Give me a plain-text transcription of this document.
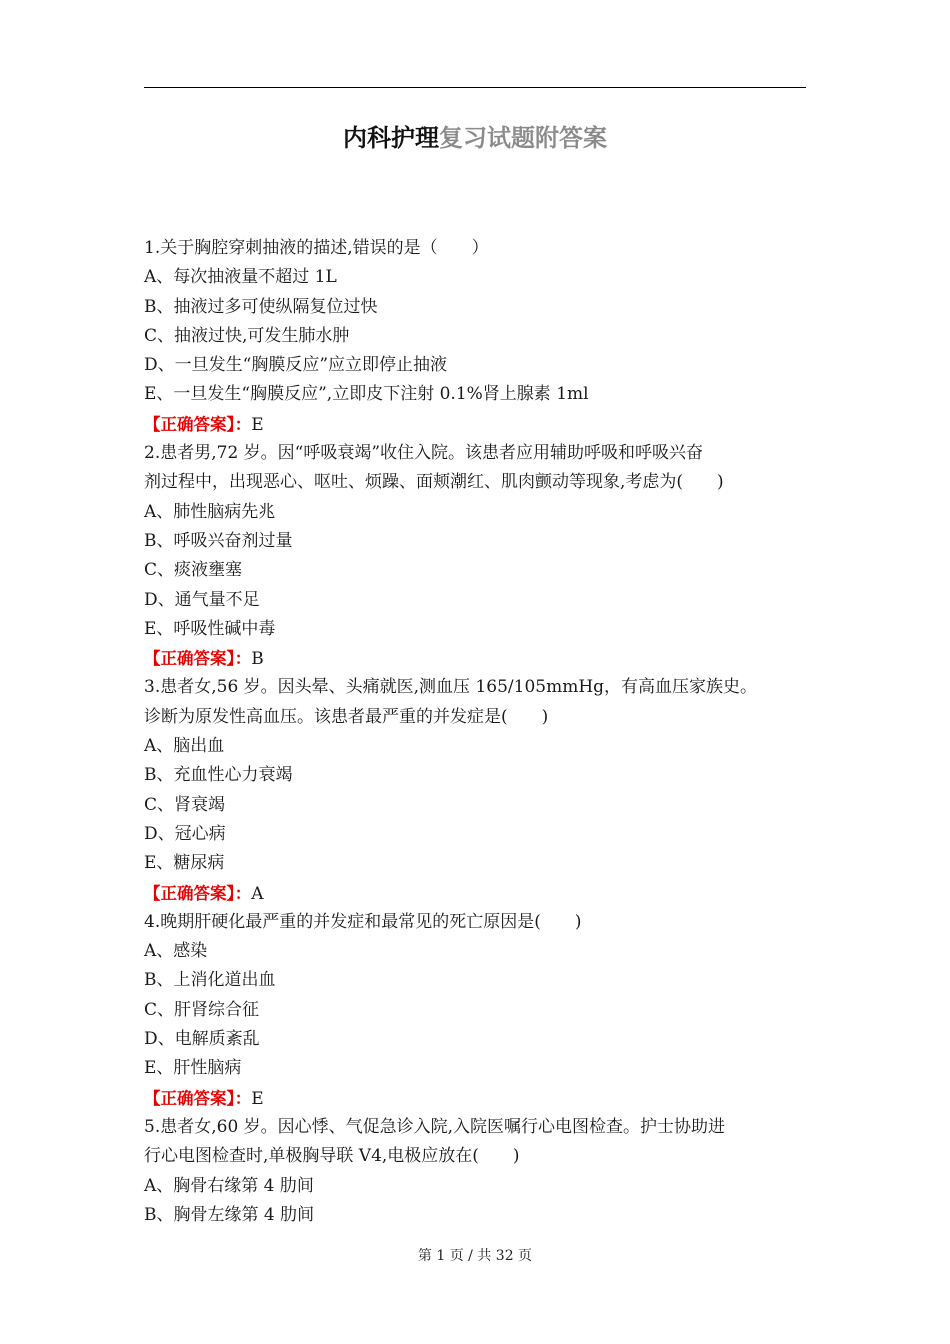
内科护理复习试题附答案
1.关于胸腔穿刺抽液的描述,错误的是（　　）
A、每次抽液量不超过 1L
B、抽液过多可使纵隔复位过快
C、抽液过快,可发生肺水肿
D、一旦发生“胸膜反应”应立即停止抽液
E、一旦发生“胸膜反应”,立即皮下注射 0.1%肾上腺素 1ml
【正确答案】：E
2.患者男,72 岁。因“呼吸衰竭”收住入院。该患者应用辅助呼吸和呼吸兴奋
剂过程中，出现恶心、呕吐、烦躁、面颊潮红、肌肉颤动等现象,考虑为(　　)
A、肺性脑病先兆
B、呼吸兴奋剂过量
C、痰液壅塞
D、通气量不足
E、呼吸性碱中毒
【正确答案】：B
3.患者女,56 岁。因头晕、头痛就医,测血压 165/105mmHg，有高血压家族史。
诊断为原发性高血压。该患者最严重的并发症是(　　)
A、脑出血
B、充血性心力衰竭
C、肾衰竭
D、冠心病
E、糖尿病
【正确答案】：A
4.晚期肝硬化最严重的并发症和最常见的死亡原因是(　　)
A、感染
B、上消化道出血
C、肝肾综合征
D、电解质紊乱
E、肝性脑病
【正确答案】：E
5.患者女,60 岁。因心悸、气促急诊入院,入院医嘱行心电图检查。护士协助进
行心电图检查时,单极胸导联 V4,电极应放在(　　)
A、胸骨右缘第 4 肋间
B、胸骨左缘第 4 肋间
第 1 页 / 共 32 页
